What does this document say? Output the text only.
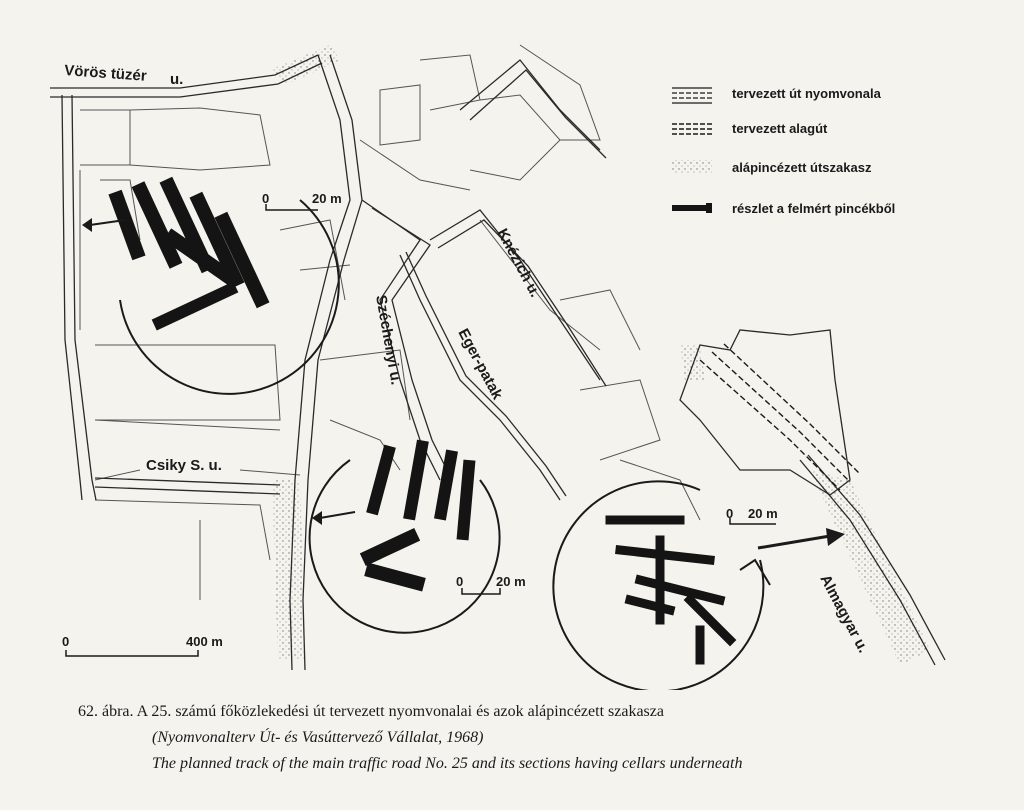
Vörös tüzér u.
Knézich u.
Széchenyi u.	Eger-patak
Csiky S. u.
Almagyar u.
0	400 m
0	20 m
0	20 m
0 20 m
tervezett út nyomvonala
tervezett alagút
alápincézett útszakasz
részlet a felmért pincékből
62. ábra. A 25. számú főközlekedési út tervezett nyomvonalai és azok alápincézett szakasza
(Nyomvonalterv Út- és Vasúttervező Vállalat, 1968)
The planned track of the main traffic road No. 25 and its sections having cellars underneath
